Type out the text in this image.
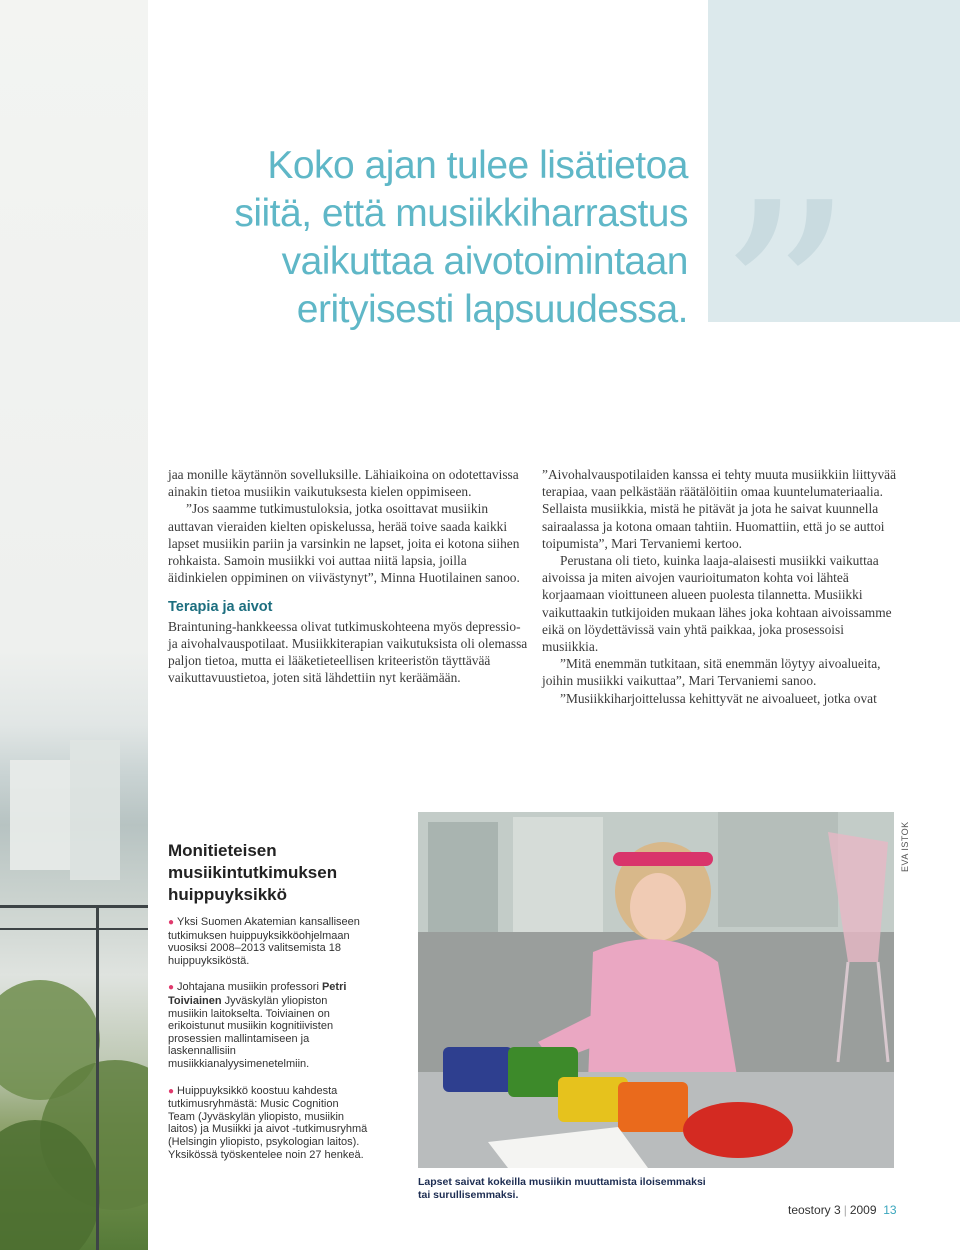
”
Koko ajan tulee lisätietoa
siitä, että musiikkiharrastus
vaikuttaa aivotoimintaan
erityisesti lapsuudessa.

jaa monille käytännön sovelluksille. Lähiaikoina on odotettavissa ainakin tietoa musiikin vaikutuksesta kielen oppimiseen.

”Jos saamme tutkimustuloksia, jotka osoittavat musiikin auttavan vieraiden kielten opiskelussa, herää toive saada kaikki lapset musiikin pariin ja varsinkin ne lapset, joita ei kotona siihen rohkaista. Samoin musiikki voi auttaa niitä lapsia, joilla äidinkielen oppiminen on viivästynyt”, Minna Huotilainen sanoo.

Terapia ja aivot

Braintuning-hankkeessa olivat tutkimuskohteena myös depressio- ja aivohalvauspotilaat. Musiikkiterapian vaikutuksista oli olemassa paljon tietoa, mutta ei lääketieteellisen kriteeristön täyttävää vaikuttavuustietoa, joten sitä lähdettiin nyt keräämään.

”Aivohalvauspotilaiden kanssa ei tehty muuta musiikkiin liittyvää terapiaa, vaan pelkästään räätälöitiin omaa kuuntelumateriaalia. Sellaista musiikkia, mistä he pitävät ja jota he saivat kuunnella sairaalassa ja kotona omaan tahtiin. Huomattiin, että jo se auttoi toipumista”, Mari Tervaniemi kertoo.

Perustana oli tieto, kuinka laaja-alaisesti musiikki vaikuttaa aivoissa ja miten aivojen vaurioitumaton kohta voi lähteä korjaamaan vioittuneen alueen puolesta tilannetta. Musiikki vaikuttaakin tutkijoiden mukaan lähes joka kohtaan aivoissamme eikä on löydettävissä vain yhtä paikkaa, joka prosessoisi musiikkia.

”Mitä enemmän tutkitaan, sitä enemmän löytyy aivoalueita, joihin musiikki vaikuttaa”, Mari Tervaniemi sanoo.

”Musiikkiharjoittelussa kehittyvät ne aivoalueet, jotka ovat

Monitieteisen musiikintutkimuksen huippuyksikkö
● Yksi Suomen Akatemian kansalliseen tutkimuksen huippuyksikköohjelmaan vuosiksi 2008–2013 valitsemista 18 huippuyksiköstä.
● Johtajana musiikin professori Petri Toiviainen Jyväskylän yliopiston musiikin laitokselta. Toiviainen on erikoistunut musiikin kognitiivisten prosessien mallintamiseen ja laskennallisiin musiikkianalyysimenetelmiin.
● Huippuyksikkö koostuu kahdesta tutkimusryhmästä: Music Cognition Team (Jyväskylän yliopisto, musiikin laitos) ja Musiikki ja aivot -tutkimusryhmä (Helsingin yliopisto, psykologian laitos). Yksikössä työskentelee noin 27 henkeä.
EVA ISTOK
Lapset saivat kokeilla musiikin muuttamista iloisemmaksi tai surullisemmaksi.
teostory 3 | 2009 13
